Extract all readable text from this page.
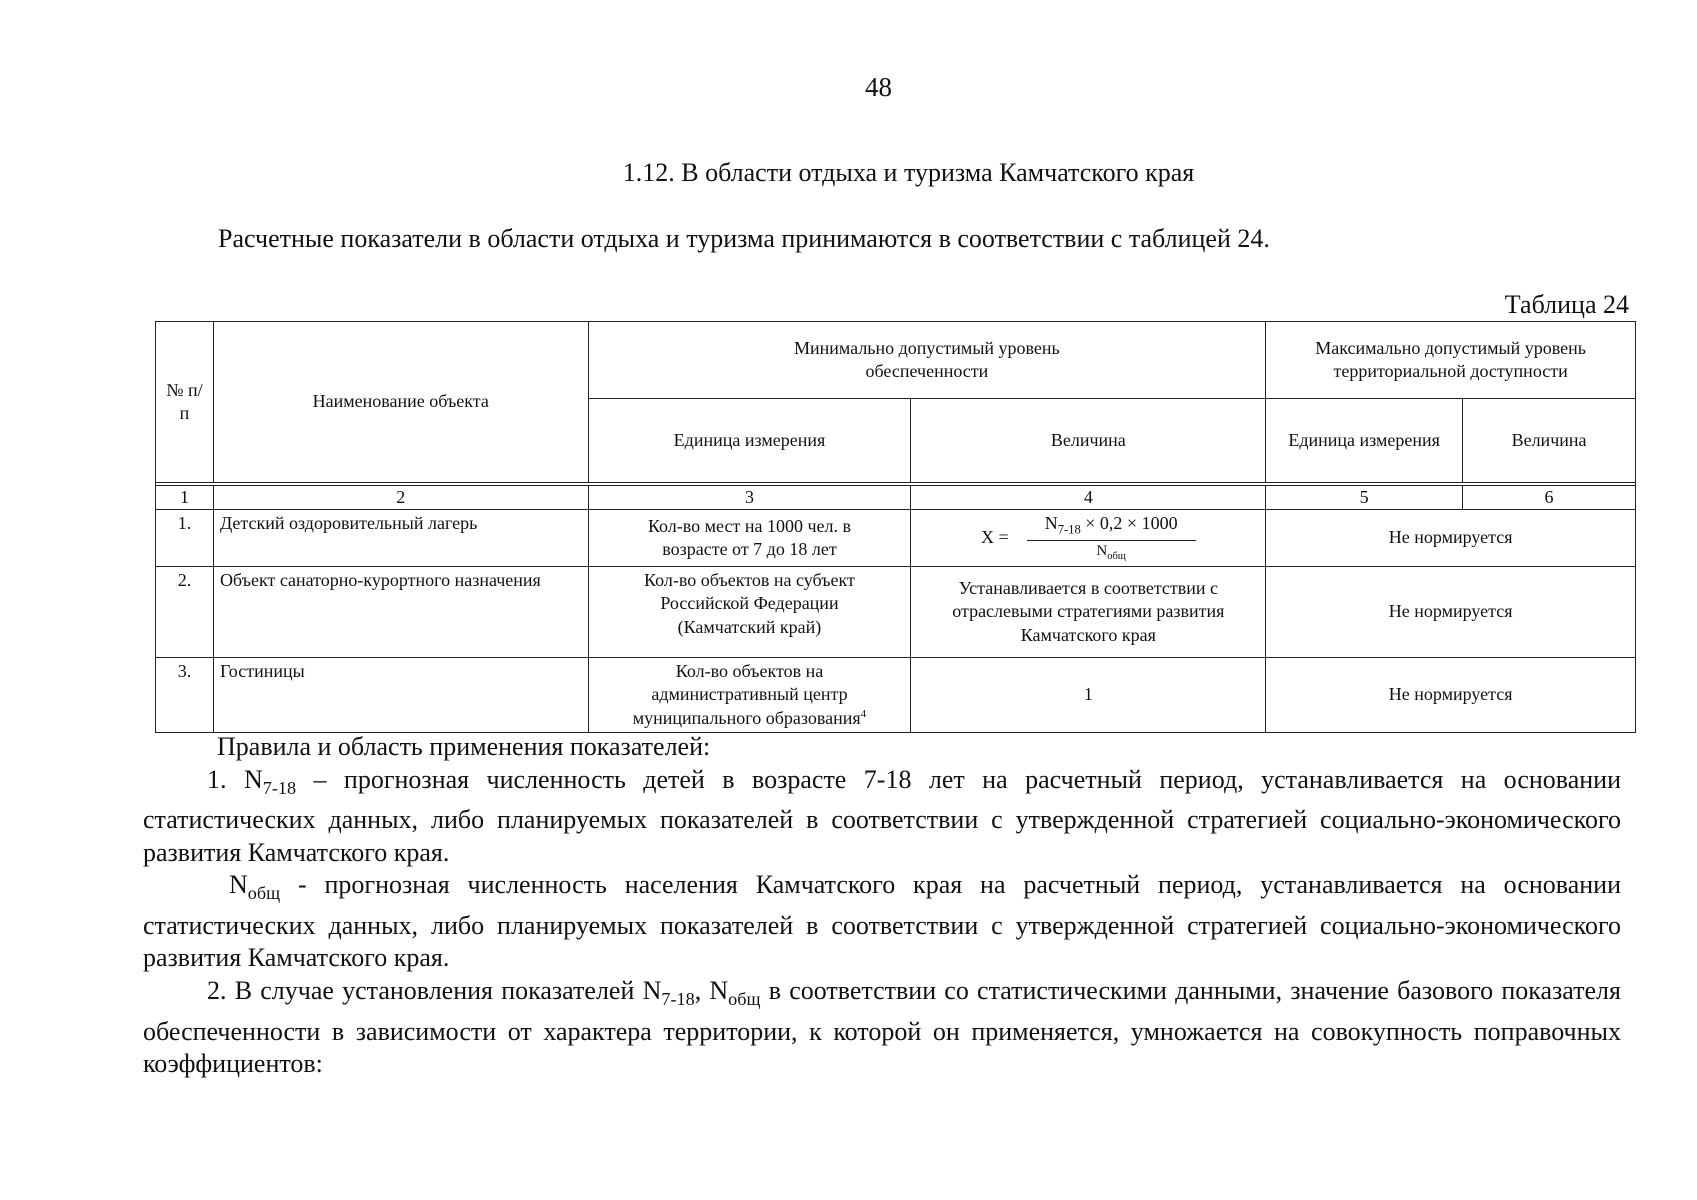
48
1.12. В области отдыха и туризма Камчатского края
Расчетные показатели в области отдыха и туризма принимаются в соответствии с таблицей 24.
Таблица 24
№ п/п	Наименование объекта	Минимально допустимый уровень обеспеченности		Максимально допустимый уровень территориальной доступности	
		Единица измерения	Величина	Единица измерения	Величина

1	2	3	4	5	6
1.	Детский оздоровительный лагерь	Кол-во мест на 1000 чел. в возрасте от 7 до 18 лет	$X = \frac{N_{7-18} \times 0,2 \times 1000}{N_{общ}}$	Не нормируется	
2.	Объект санаторно-курортного назначения	Кол-во объектов на субъект Российской Федерации (Камчатский край)	Устанавливается в соответствии с отраслевыми стратегиями развития Камчатского края	Не нормируется	
3.	Гостиницы	Кол-во объектов на административный центр муниципального образования$^4$	1	Не нормируется	

Правила и область применения показателей:

1. $N_{7-18}$ – прогнозная численность детей в возрасте 7-18 лет на расчетный период, устанавливается на основании статистических данных, либо планируемых показателей в соответствии с утвержденной стратегией социально-экономического развития Камчатского края.

$N_{общ}$ - прогнозная численность населения Камчатского края на расчетный период, устанавливается на основании статистических данных, либо планируемых показателей в соответствии с утвержденной стратегией социально-экономического развития Камчатского края.

2. В случае установления показателей $N_{7-18}$, $N_{общ}$ в соответствии со статистическими данными, значение базового показателя обеспеченности в зависимости от характера территории, к которой он применяется, умножается на совокупность поправочных коэффициентов:
